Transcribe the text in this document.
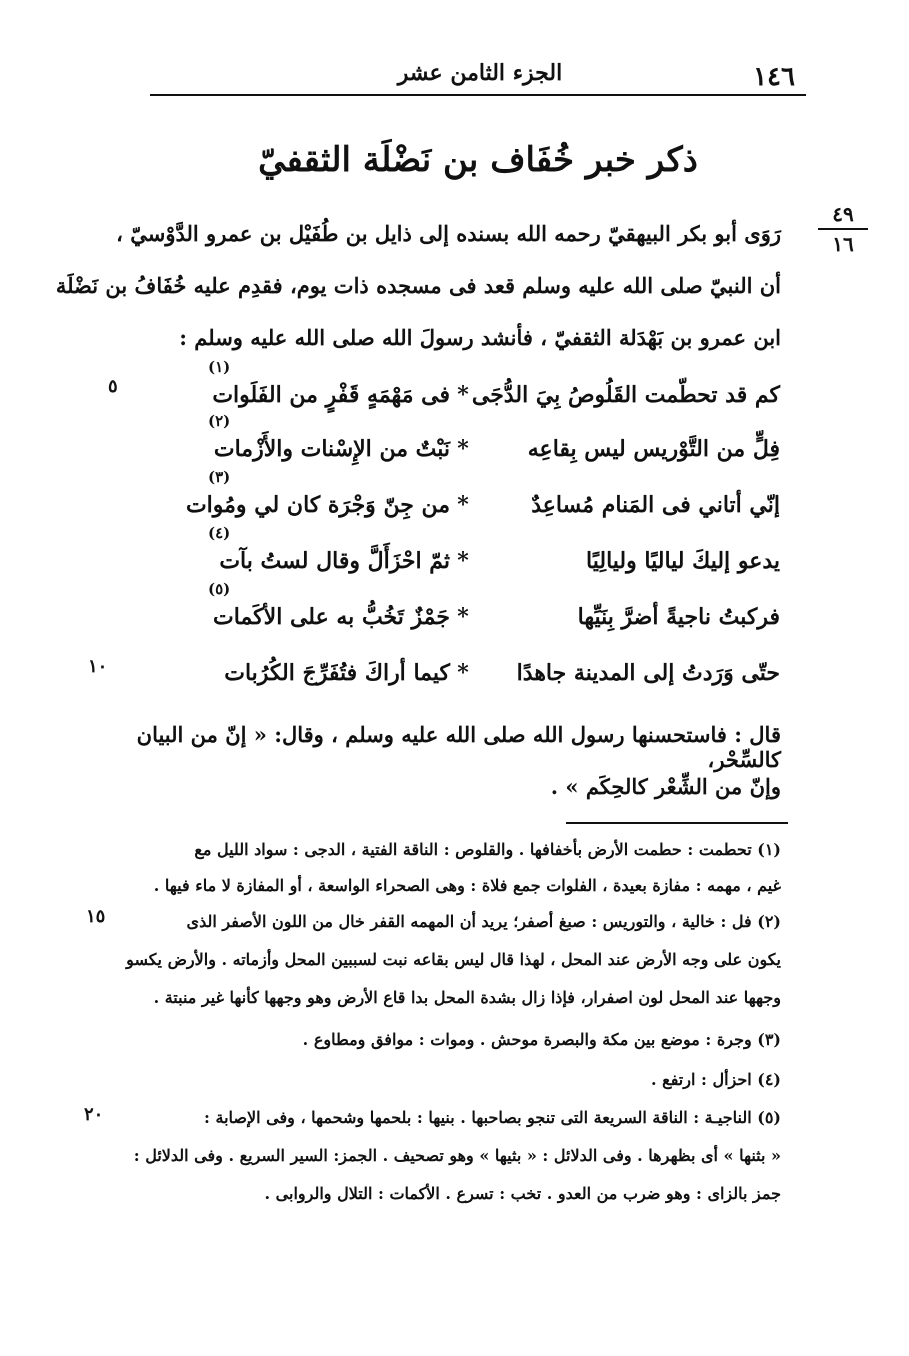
١٤٦
الجزء الثامن عشر
ذكر خبر خُفَاف بن نَضْلَة الثقفيّ
٤٩
١٦
رَوَى أبو بكر البيهقيّ رحمه الله بسنده إلى ذايل بن طُفَيْل بن عمرو الدَّوْسيّ ،
أن النبيّ صلى الله عليه وسلم قعد فى مسجده ذات يوم، فقدِم عليه خُفَافُ بن نَضْلَة
ابن عمرو بن بَهْدَلة الثقفيّ ، فأنشد رسولَ الله صلى الله عليه وسلم :
كم قد تحطّمت القَلُوصُ بِيَ الدُّجَى
*
فى مَهْمَهٍ قَفْرٍ من الفَلَوات
(١)
فِلٍّ من التَّوْريس ليس بِقاعِه
*
نَبْتٌ من الإِسْنات والأَزْمات
(٢)
إنّي أتاني فى المَنام مُساعِدٌ
*
من جِنّ وَجْرَة كان لي ومُوات
(٣)
يدعو إليكَ لياليًا وليالِيًا
*
ثمّ احْزَأَلَّ وقال لستُ بآت
(٤)
فركبتُ ناجيةً أضرَّ بِنَيِّها
*
جَمْزٌ تَخُبُّ به على الأكَمات
(٥)
حتّى وَرَدتُ إلى المدينة جاهدًا
*
كيما أراكَ فتُفَرِّجَ الكُرُبات
٥
١٠
١٥
٢٠
قال : فاستحسنها رسول الله صلى الله عليه وسلم ، وقال: « إنّ من البيان كالسِّحْر،
وإنّ من الشِّعْر كالحِكَم » .
(١) تحطمت : حطمت الأرض بأخفافها . والقلوص : الناقة الفتية ، الدجى : سواد الليل مع
غيم ، مهمه : مفازة بعيدة ، الفلوات جمع فلاة : وهى الصحراء الواسعة ، أو المفازة لا ماء فيها .
(٢) فل : خالية ، والتوريس : صبغ أصفر؛ يريد أن المهمه القفر خال من اللون الأصفر الذى
يكون على وجه الأرض عند المحل ، لهذا قال ليس بقاعه نبت لسببين المحل وأزماته . والأرض يكسو
وجهها عند المحل لون اصفرار، فإذا زال بشدة المحل بدا قاع الأرض وهو وجهها كأنها غير منبتة .
(٣) وجرة : موضع بين مكة والبصرة موحش . وموات : موافق ومطاوع .
(٤) احزأل : ارتفع .
(٥) الناجيـة : الناقة السريعة التى تنجو بصاحبها . بنيها : بلحمها وشحمها ، وفى الإصابة :
« بثنها » أى بظهرها . وفى الدلائل : « بثيها » وهو تصحيف . الجمز: السير السريع . وفى الدلائل :
جمز بالزاى : وهو ضرب من العدو . تخب : تسرع . الأكمات : التلال والروابى .
